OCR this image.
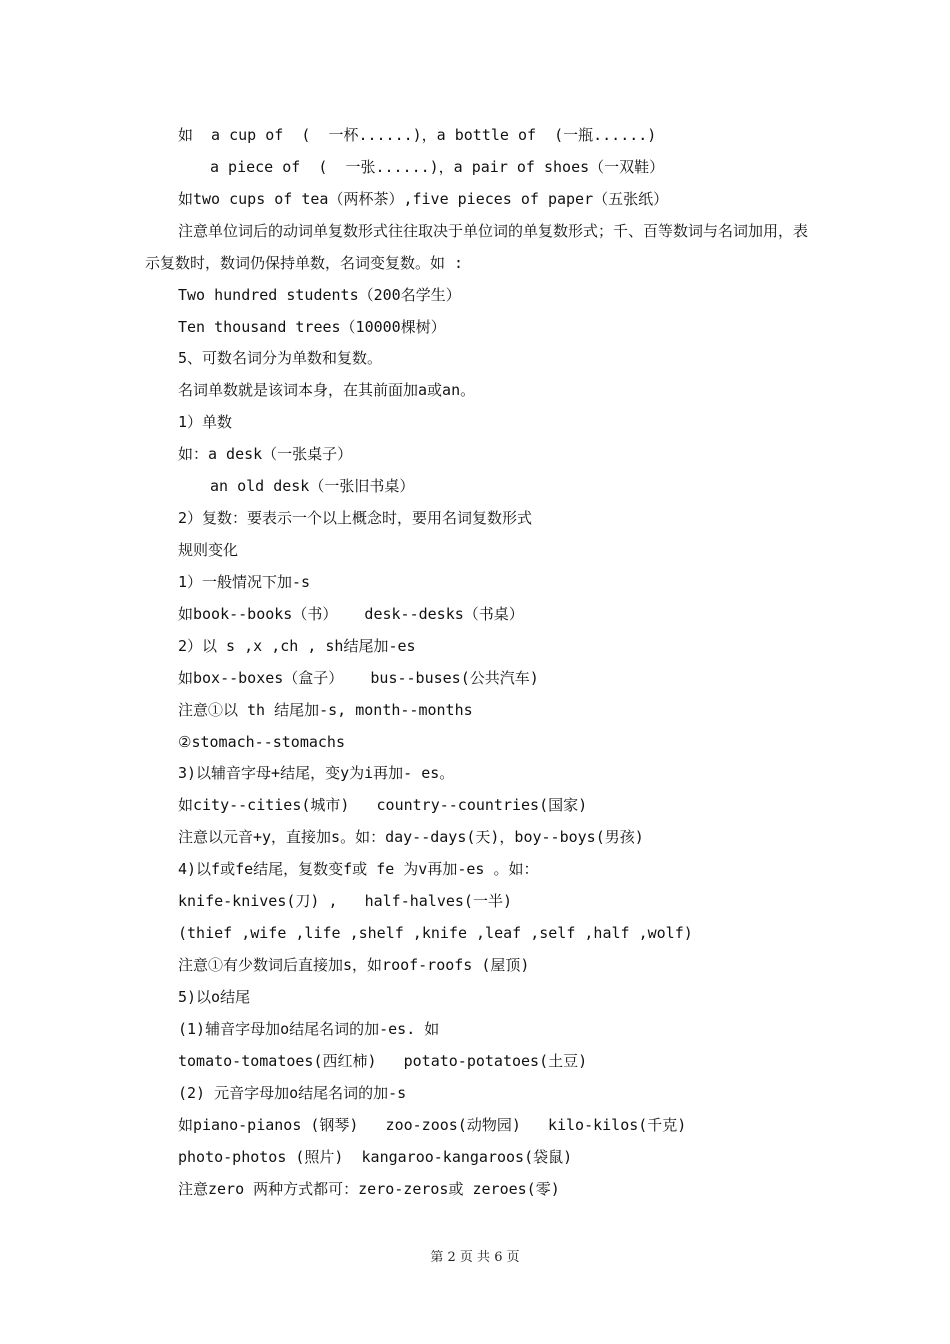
如  a cup of  (  一杯......)，a bottle of  (一瓶......)
a piece of  (  一张......)，a pair of shoes（一双鞋）
如two cups of tea（两杯茶）,five pieces of paper（五张纸）
注意单位词后的动词单复数形式往往取决于单位词的单复数形式；千、百等数词与名词加用，表示复数时，数词仍保持单数，名词变复数。如 :
Two hundred students（200名学生）
Ten thousand trees（10000棵树）
5、可数名词分为单数和复数。
名词单数就是该词本身，在其前面加a或an。
1）单数
如：a desk（一张桌子）
an old desk（一张旧书桌）
2）复数：要表示一个以上概念时，要用名词复数形式
规则变化
1）一般情况下加-s
如book--books（书）   desk--desks（书桌）
2）以 s ,x ,ch , sh结尾加-es
如box--boxes（盒子）   bus--buses(公共汽车)
注意①以 th 结尾加-s, month--months
②stomach--stomachs
3)以辅音字母+结尾，变y为i再加- es。
如city--cities(城市)   country--countries(国家)
注意以元音+y，直接加s。如：day--days(天)，boy--boys(男孩)
4)以f或fe结尾，复数变f或 fe 为v再加-es 。如：
knife-knives(刀) ,   half-halves(一半)
(thief ,wife ,life ,shelf ,knife ,leaf ,self ,half ,wolf)
注意①有少数词后直接加s，如roof-roofs (屋顶)
5)以o结尾
(1)辅音字母加o结尾名词的加-es. 如
tomato-tomatoes(西红柿)   potato-potatoes(土豆)
(2) 元音字母加o结尾名词的加-s
如piano-pianos (钢琴)   zoo-zoos(动物园)   kilo-kilos(千克)
photo-photos (照片)  kangaroo-kangaroos(袋鼠)
注意zero 两种方式都可：zero-zeros或 zeroes(零)
第 2 页 共 6 页
